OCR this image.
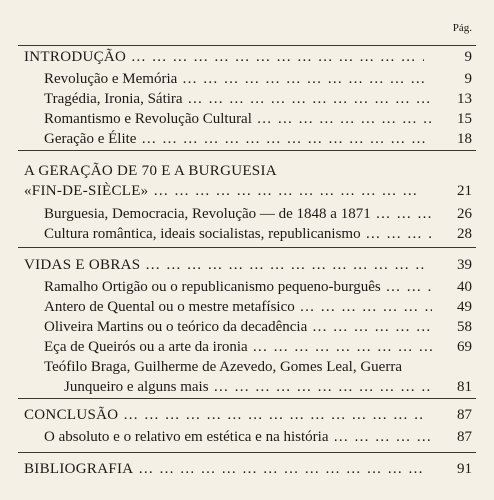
Pág.
INTRODUÇÃO … … … … … … … … … … … … … … … … … … … … … … … … … … …	9
Revolução e Memória … … … … … … … … … … … … … … … … … … … … … … … … … … …	9
Tragédia, Ironia, Sátira … … … … … … … … … … … … … … … … … … … … … … … … … … …	13
Romantismo e Revolução Cultural … … … … … … … … … … … … … … … … … … … … … … … … … … …	15
Geração e Élite … … … … … … … … … … … … … … … … … … … … … … … … … … …	18
A GERAÇÃO DE 70 E A BURGUESIA
«FIN-DE-SIÈCLE» … … … … … … … … … … … … … … … … … … … … … … … … … … …	21
Burguesia, Democracia, Revolução — de 1848 a 1871 … … … … … … … … … … … … … … … … … … … … … … … … … … …	26
Cultura romântica, ideais socialistas, republicanismo … … … … … … … … … … … … … … … … … … … … … … … … … … …	28
VIDAS E OBRAS … … … … … … … … … … … … … … … … … … … … … … … … … … …	39
Ramalho Ortigão ou o republicanismo pequeno-burguês … … … … … … … … … … … … … … … … … … … … … … … … … … …	40
Antero de Quental ou o mestre metafísico … … … … … … … … … … … … … … … … … … … … … … … … … … …	49
Oliveira Martins ou o teórico da decadência … … … … … … … … … … … … … … … … … … … … … … … … … … …	58
Eça de Queirós ou a arte da ironia … … … … … … … … … … … … … … … … … … … … … … … … … … …	69
Teófilo Braga, Guilherme de Azevedo, Gomes Leal, Guerra
Junqueiro e alguns mais … … … … … … … … … … … … … … … … … … … … … … … … … … …	81
CONCLUSÃO … … … … … … … … … … … … … … … … … … … … … … … … … … …	87
O absoluto e o relativo em estética e na história … … … … … … … … … … … … … … … … … … … … … … … … … … …	87
BIBLIOGRAFIA … … … … … … … … … … … … … … … … … … … … … … … … … … …	91
